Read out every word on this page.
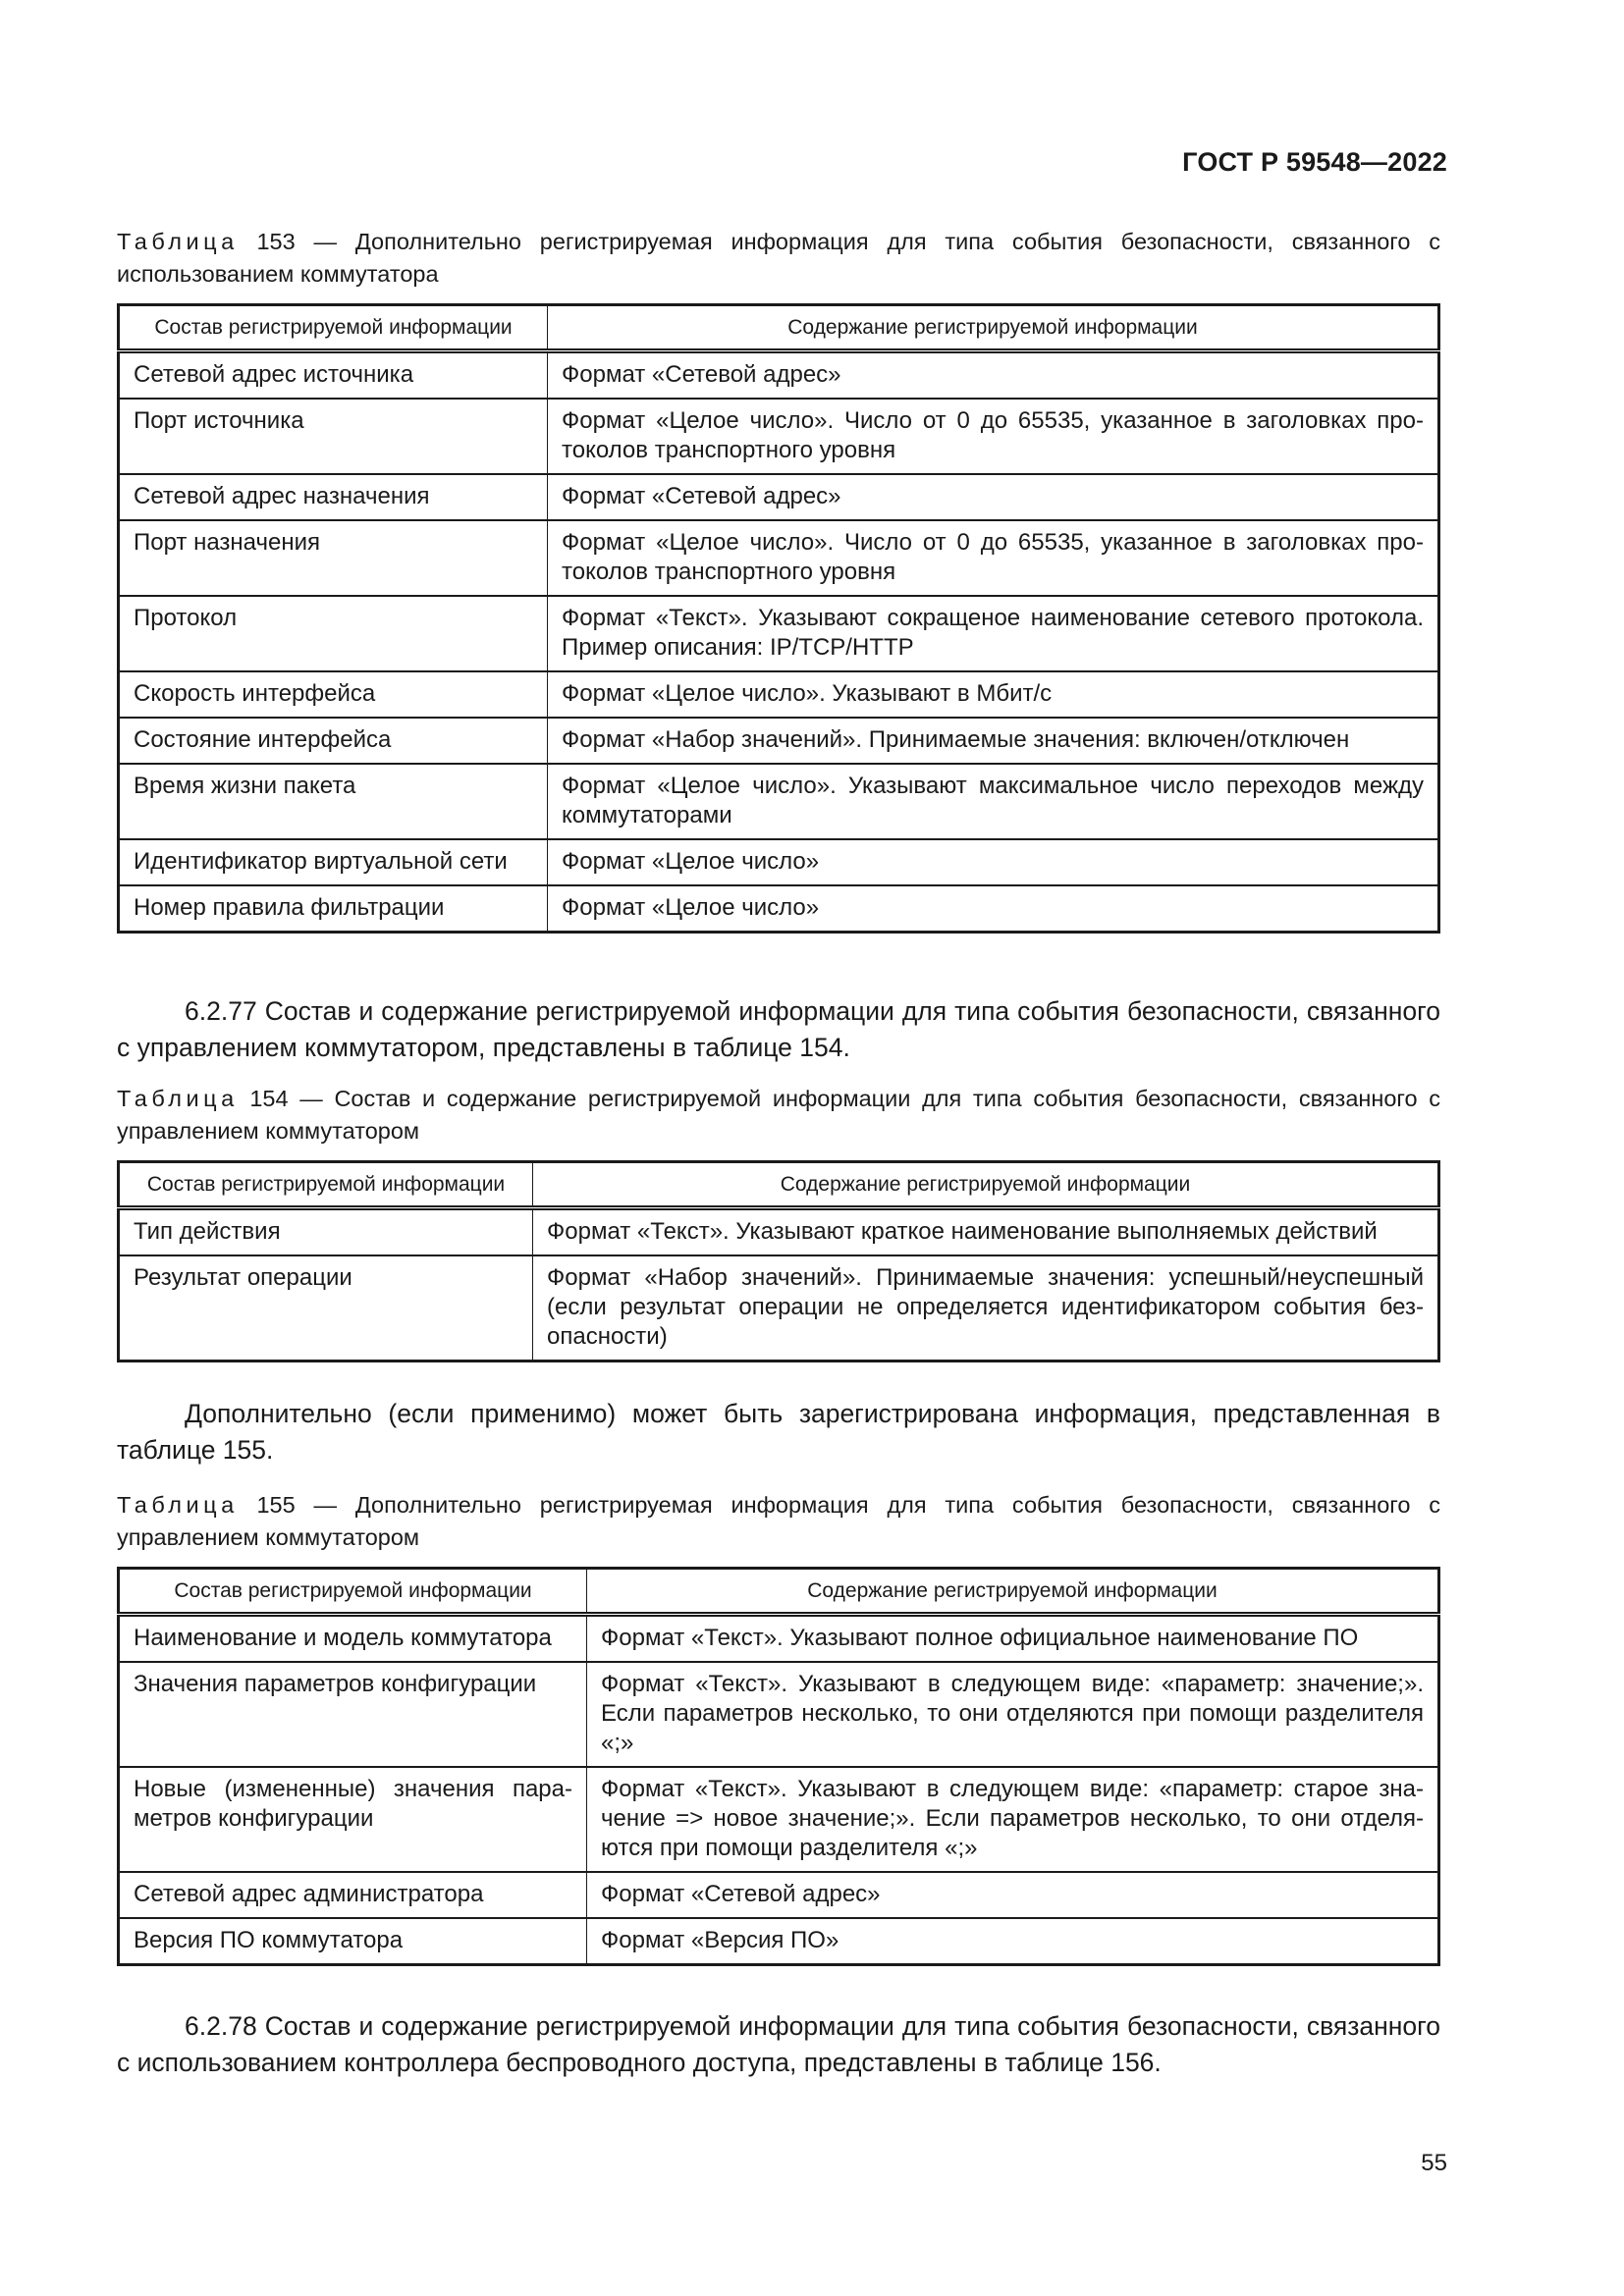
ГОСТ Р 59548—2022
Таблица 153 — Дополнительно регистрируемая информация для типа события безопасности, связанного с использованием коммутатора
Состав регистрируемой информации	Содержание регистрируемой информации
Сетевой адрес источника	Формат «Сетевой адрес»
Порт источника	Формат «Целое число». Число от 0 до 65535, указанное в заголовках протоколов транспортного уровня
Сетевой адрес назначения	Формат «Сетевой адрес»
Порт назначения	Формат «Целое число». Число от 0 до 65535, указанное в заголовках протоколов транспортного уровня
Протокол	Формат «Текст». Указывают сокращеное наименование сетевого протокола. Пример описания: IP/TCP/HTTP
Скорость интерфейса	Формат «Целое число». Указывают в Мбит/с
Состояние интерфейса	Формат «Набор значений». Принимаемые значения: включен/отключен
Время жизни пакета	Формат «Целое число». Указывают максимальное число переходов между коммутаторами
Идентификатор виртуальной сети	Формат «Целое число»
Номер правила фильтрации	Формат «Целое число»
6.2.77 Состав и содержание регистрируемой информации для типа события безопасности, связанного с управлением коммутатором, представлены в таблице 154.
Таблица 154 — Состав и содержание регистрируемой информации для типа события безопасности, связанного с управлением коммутатором
Состав регистрируемой информации	Содержание регистрируемой информации
Тип действия	Формат «Текст». Указывают краткое наименование выполняемых действий
Результат операции	Формат «Набор значений». Принимаемые значения: успешный/неуспешный (если результат операции не определяется идентификатором события безопасности)
Дополнительно (если применимо) может быть зарегистрирована информация, представленная в таблице 155.
Таблица 155 — Дополнительно регистрируемая информация для типа события безопасности, связанного с управлением коммутатором
Состав регистрируемой информации	Содержание регистрируемой информации
Наименование и модель коммутатора	Формат «Текст». Указывают полное официальное наименование ПО
Значения параметров конфигурации	Формат «Текст». Указывают в следующем виде: «параметр: значение;». Если параметров несколько, то они отделяются при помощи разделителя «;»
Новые (измененные) значения параметров конфигурации	Формат «Текст». Указывают в следующем виде: «параметр: старое значение => новое значение;». Если параметров несколько, то они отделяются при помощи разделителя «;»
Сетевой адрес администратора	Формат «Сетевой адрес»
Версия ПО коммутатора	Формат «Версия ПО»
6.2.78 Состав и содержание регистрируемой информации для типа события безопасности, связанного с использованием контроллера беспроводного доступа, представлены в таблице 156.
55
